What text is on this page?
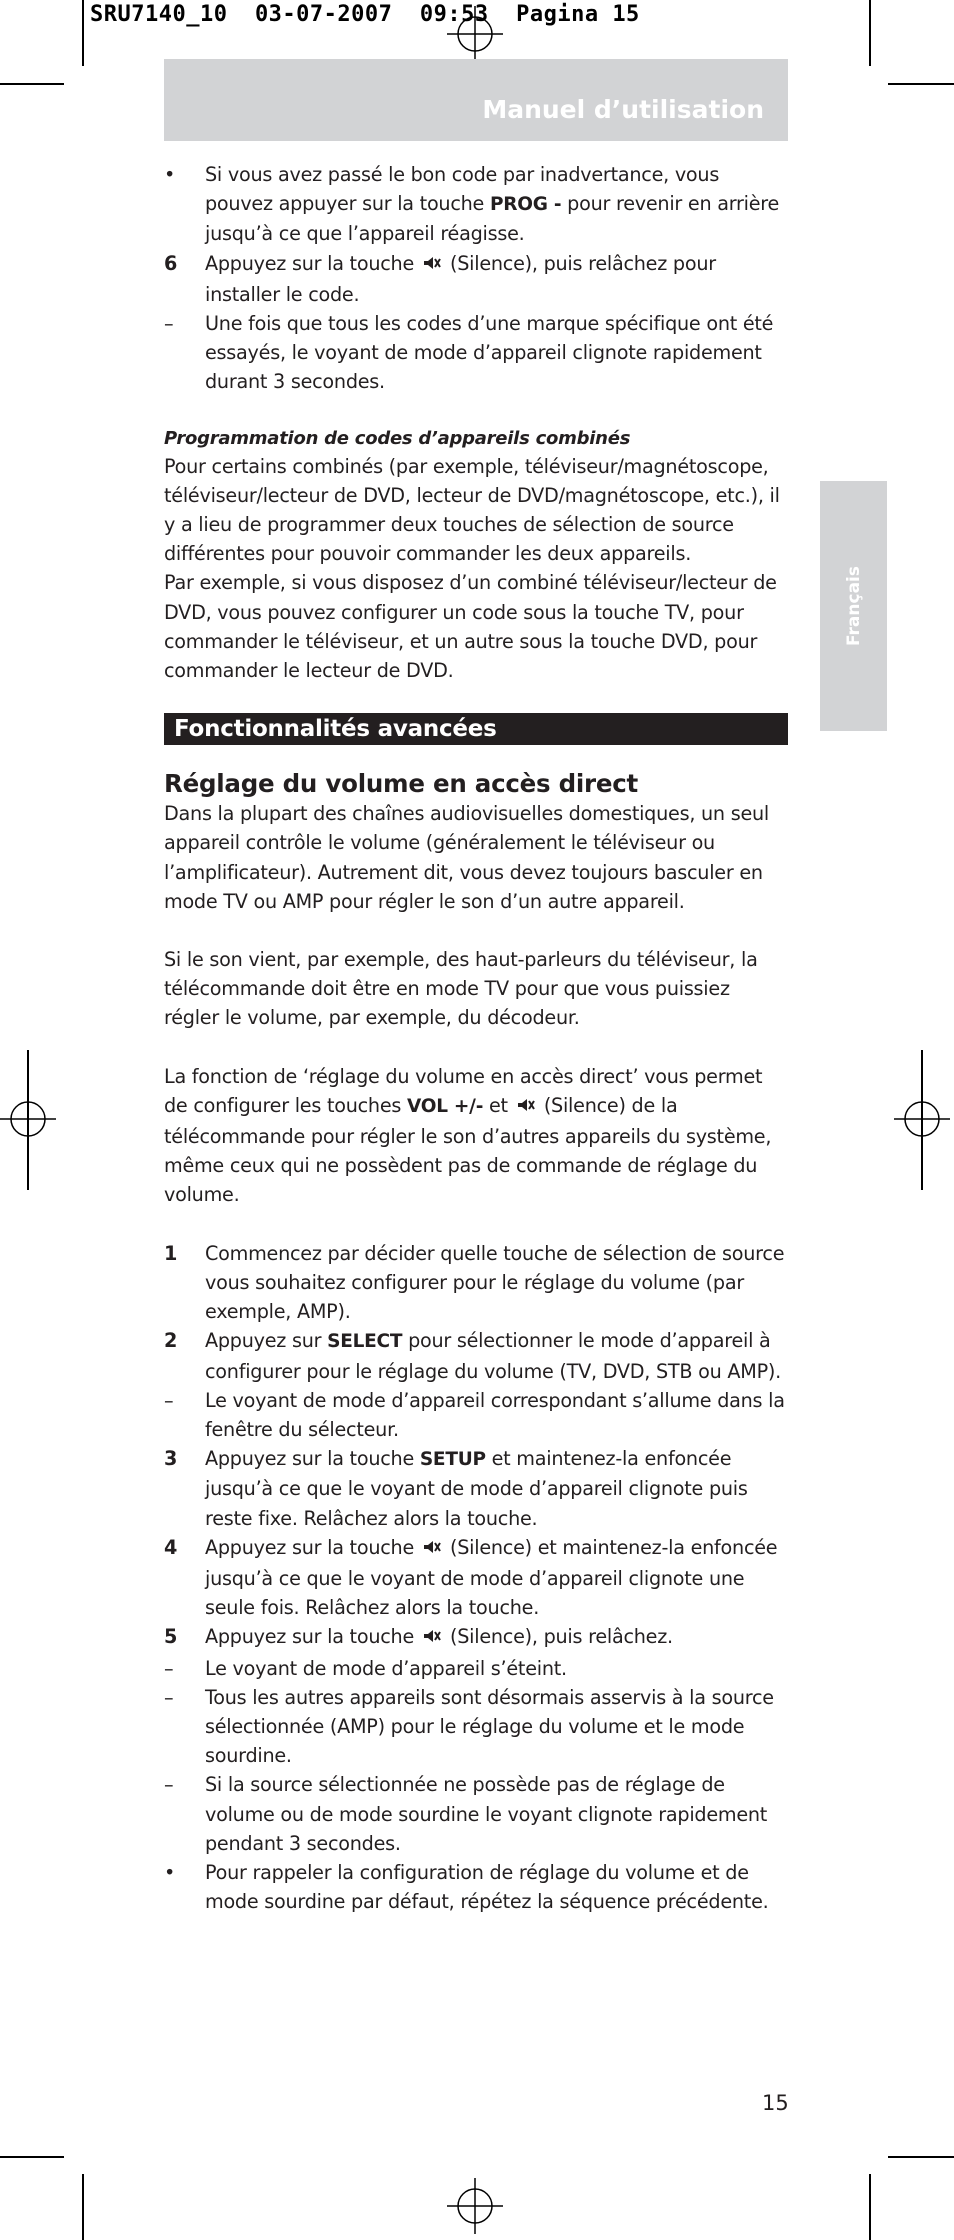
SRU7140_10  03-07-2007  09:53  Pagina 15
Manuel d’utilisation
Français
•	Si vous avez passé le bon code par inadvertance, vous pouvez appuyer sur la touche PROG - pour revenir en arrière jusqu’à ce que l’appareil réagisse.
6	Appuyez sur la touche (Silence), puis relâchez pour installer le code.
–	Une fois que tous les codes d’une marque spécifique ont été essayés, le voyant de mode d’appareil clignote rapidement durant 3 secondes.
Programmation de codes d’appareils combinés
Pour certains combinés (par exemple, téléviseur/magnétoscope, téléviseur/lecteur de DVD, lecteur de DVD/magnétoscope, etc.), il y a lieu de programmer deux touches de sélection de source différentes pour pouvoir commander les deux appareils.
Par exemple, si vous disposez d’un combiné téléviseur/lecteur de DVD, vous pouvez configurer un code sous la touche TV, pour commander le téléviseur, et un autre sous la touche DVD, pour commander le lecteur de DVD.
Fonctionnalités avancées
Réglage du volume en accès direct
Dans la plupart des chaînes audiovisuelles domestiques, un seul appareil contrôle le volume (généralement le téléviseur ou l’amplificateur). Autrement dit, vous devez toujours basculer en mode TV ou AMP pour régler le son d’un autre appareil.
Si le son vient, par exemple, des haut-parleurs du téléviseur, la télécommande doit être en mode TV pour que vous puissiez régler le volume, par exemple, du décodeur.
La fonction de ‘réglage du volume en accès direct’ vous permet de configurer les touches VOL +/- et (Silence) de la télécommande pour régler le son d’autres appareils du système, même ceux qui ne possèdent pas de commande de réglage du volume.
1	Commencez par décider quelle touche de sélection de source vous souhaitez configurer pour le réglage du volume (par exemple, AMP).
2	Appuyez sur SELECT pour sélectionner le mode d’appareil à configurer pour le réglage du volume (TV, DVD, STB ou AMP).
–	Le voyant de mode d’appareil correspondant s’allume dans la fenêtre du sélecteur.
3	Appuyez sur la touche SETUP et maintenez-la enfoncée jusqu’à ce que le voyant de mode d’appareil clignote puis reste fixe. Relâchez alors la touche.
4	Appuyez sur la touche (Silence) et maintenez-la enfoncée jusqu’à ce que le voyant de mode d’appareil clignote une seule fois. Relâchez alors la touche.
5	Appuyez sur la touche (Silence), puis relâchez.
–	Le voyant de mode d’appareil s’éteint.
–	Tous les autres appareils sont désormais asservis à la source sélectionnée (AMP) pour le réglage du volume et le mode sourdine.
–	Si la source sélectionnée ne possède pas de réglage de volume ou de mode sourdine le voyant clignote rapidement pendant 3 secondes.
•	Pour rappeler la configuration de réglage du volume et de mode sourdine par défaut, répétez la séquence précédente.
15
